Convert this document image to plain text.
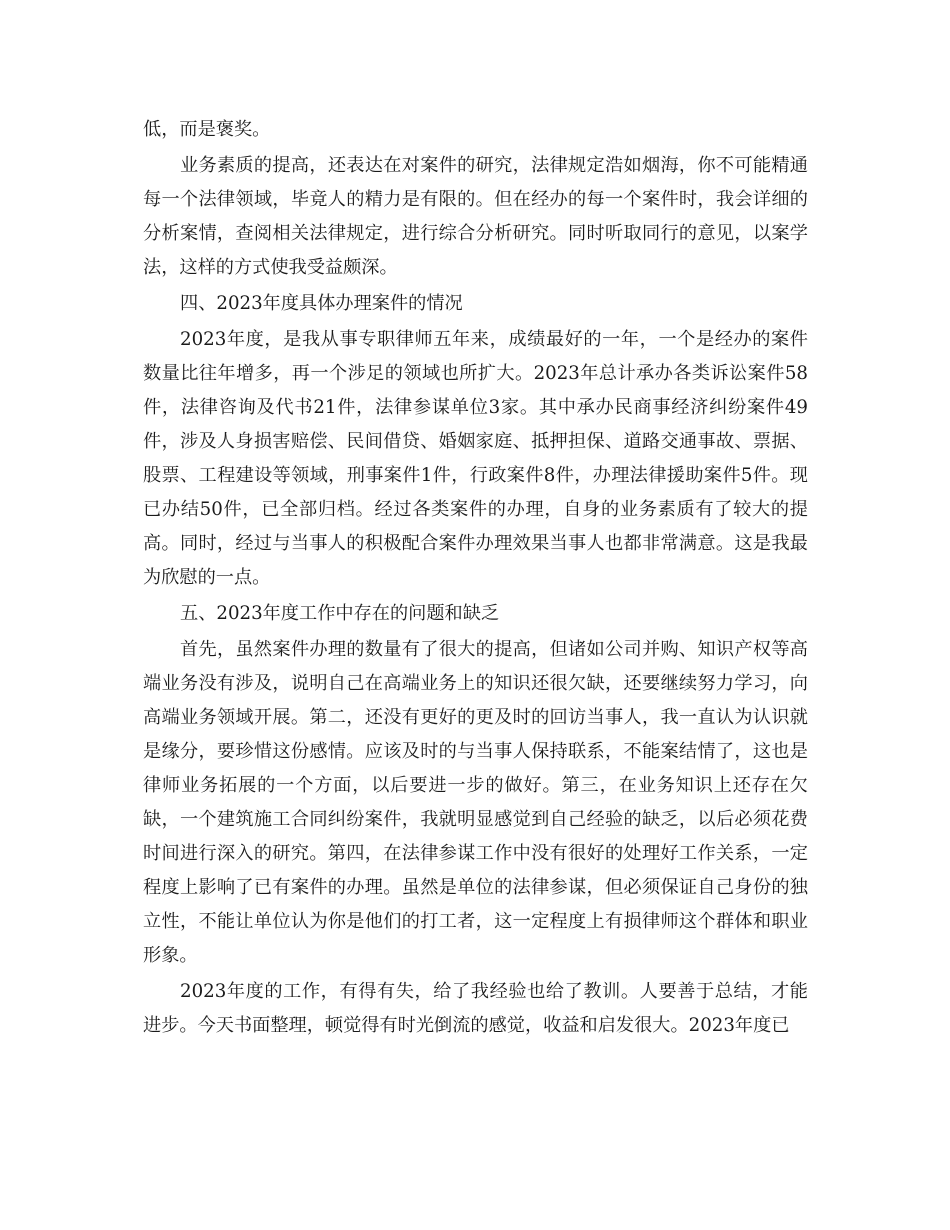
低，而是褒奖。

业务素质的提高，还表达在对案件的研究，法律规定浩如烟海，你不可能精通每一个法律领域，毕竟人的精力是有限的。但在经办的每一个案件时，我会详细的分析案情，查阅相关法律规定，进行综合分析研究。同时听取同行的意见，以案学法，这样的方式使我受益颇深。

四、2023年度具体办理案件的情况

2023年度，是我从事专职律师五年来，成绩最好的一年，一个是经办的案件数量比往年增多，再一个涉足的领域也所扩大。2023年总计承办各类诉讼案件58件，法律咨询及代书21件，法律参谋单位3家。其中承办民商事经济纠纷案件49件，涉及人身损害赔偿、民间借贷、婚姻家庭、抵押担保、道路交通事故、票据、股票、工程建设等领域，刑事案件1件，行政案件8件，办理法律援助案件5件。现已办结50件，已全部归档。经过各类案件的办理，自身的业务素质有了较大的提高。同时，经过与当事人的积极配合案件办理效果当事人也都非常满意。这是我最为欣慰的一点。

五、2023年度工作中存在的问题和缺乏

首先，虽然案件办理的数量有了很大的提高，但诸如公司并购、知识产权等高端业务没有涉及，说明自己在高端业务上的知识还很欠缺，还要继续努力学习，向高端业务领域开展。第二，还没有更好的更及时的回访当事人，我一直认为认识就是缘分，要珍惜这份感情。应该及时的与当事人保持联系，不能案结情了，这也是律师业务拓展的一个方面，以后要进一步的做好。第三，在业务知识上还存在欠缺，一个建筑施工合同纠纷案件，我就明显感觉到自己经验的缺乏，以后必须花费时间进行深入的研究。第四，在法律参谋工作中没有很好的处理好工作关系，一定程度上影响了已有案件的办理。虽然是单位的法律参谋，但必须保证自己身份的独立性，不能让单位认为你是他们的打工者，这一定程度上有损律师这个群体和职业形象。

2023年度的工作，有得有失，给了我经验也给了教训。人要善于总结，才能进步。今天书面整理，顿觉得有时光倒流的感觉，收益和启发很大。2023年度已
